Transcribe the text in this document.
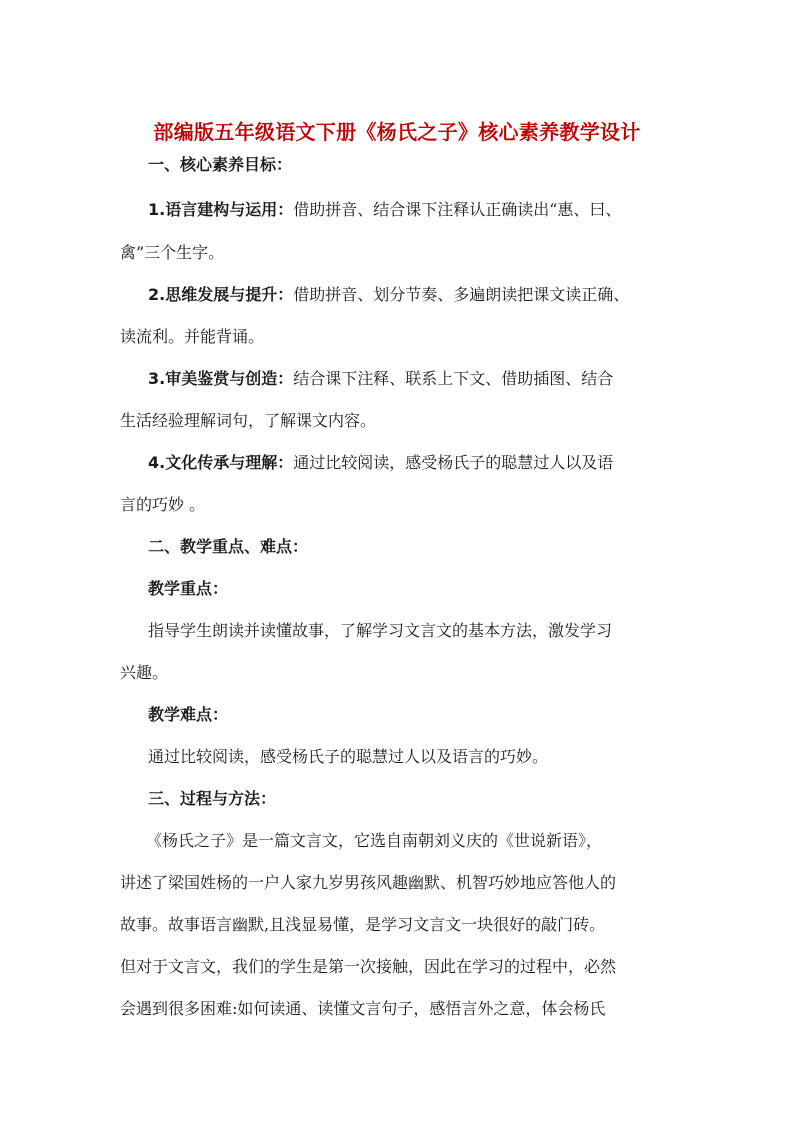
部编版五年级语文下册《杨氏之子》核心素养教学设计
一、核心素养目标：
1.语言建构与运用：借助拼音、结合课下注释认正确读出“惠、曰、
禽”三个生字。
2.思维发展与提升：借助拼音、划分节奏、多遍朗读把课文读正确、
读流利。并能背诵。
3.审美鉴赏与创造：结合课下注释、联系上下文、借助插图、结合
生活经验理解词句，了解课文内容。
4.文化传承与理解：通过比较阅读，感受杨氏子的聪慧过人以及语
言的巧妙 。
二、教学重点、难点：
教学重点：
指导学生朗读并读懂故事，了解学习文言文的基本方法，激发学习
兴趣。
教学难点：
通过比较阅读，感受杨氏子的聪慧过人以及语言的巧妙。
三、过程与方法：
《杨氏之子》是一篇文言文，它选自南朝刘义庆的《世说新语》，
讲述了梁国姓杨的一户人家九岁男孩风趣幽默、机智巧妙地应答他人的
故事。故事语言幽默,且浅显易懂，是学习文言文一块很好的敲门砖。
但对于文言文，我们的学生是第一次接触，因此在学习的过程中，必然
会遇到很多困难:如何读通、读懂文言句子，感悟言外之意，体会杨氏
